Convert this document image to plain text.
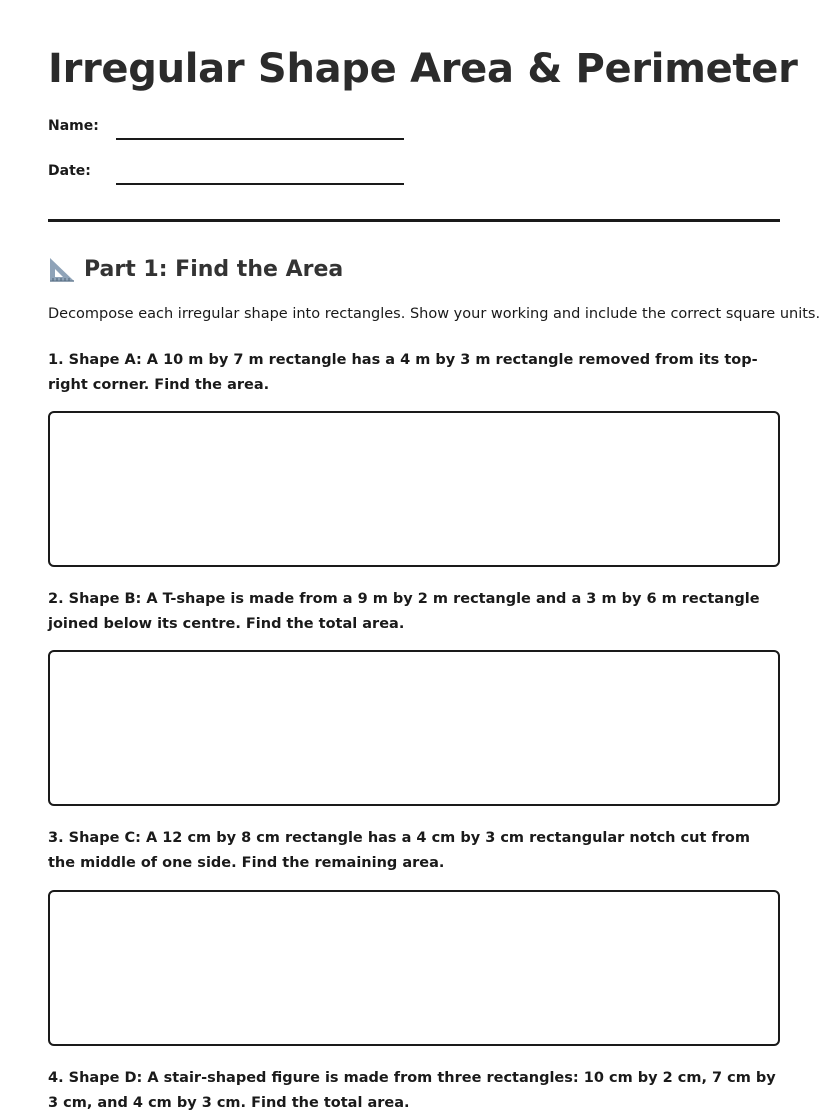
Irregular Shape Area & Perimeter
Name:
Date:
Part 1: Find the Area

Decompose each irregular shape into rectangles. Show your working and include the correct square units.

1. Shape A: A 10 m by 7 m rectangle has a 4 m by 3 m rectangle removed from its top-right corner. Find the area.

2. Shape B: A T-shape is made from a 9 m by 2 m rectangle and a 3 m by 6 m rectangle joined below its centre. Find the total area.

3. Shape C: A 12 cm by 8 cm rectangle has a 4 cm by 3 cm rectangular notch cut from the middle of one side. Find the remaining area.

4. Shape D: A stair-shaped figure is made from three rectangles: 10 cm by 2 cm, 7 cm by 3 cm, and 4 cm by 3 cm. Find the total area.
